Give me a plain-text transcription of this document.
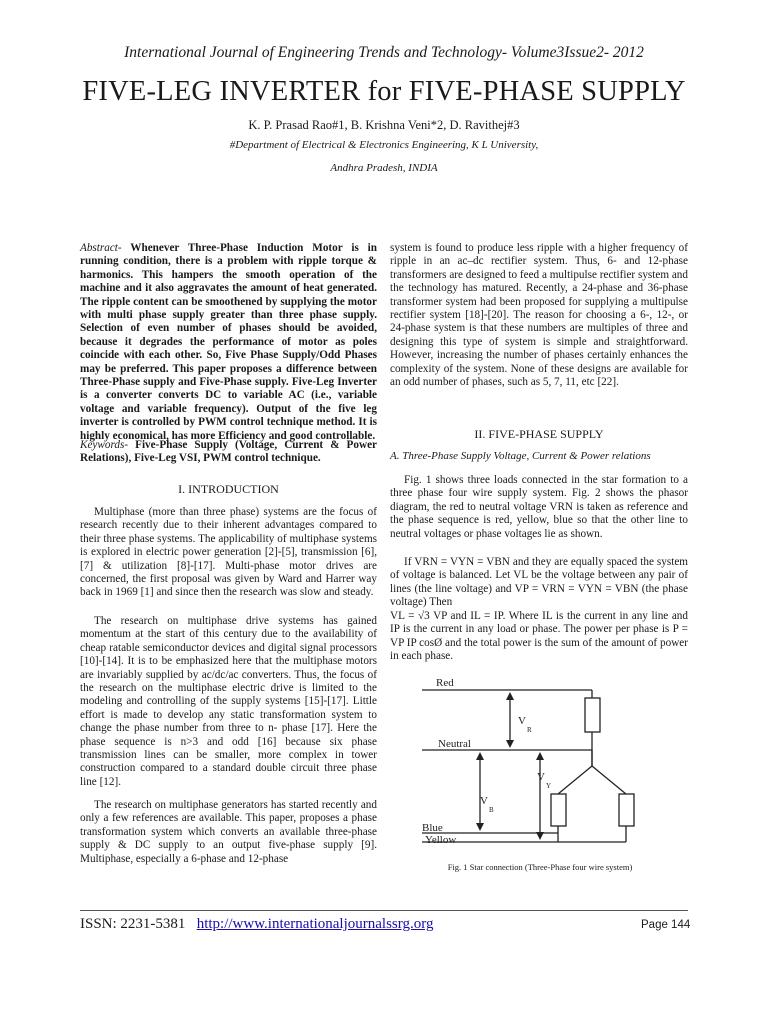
International Journal of Engineering Trends and Technology- Volume3Issue2- 2012
FIVE-LEG INVERTER for FIVE-PHASE SUPPLY
K. P. Prasad Rao#1, B. Krishna Veni*2, D. Ravithej#3
#Department of Electrical & Electronics Engineering, K L University,
Andhra Pradesh, INDIA
Abstract- Whenever Three-Phase Induction Motor is in running condition, there is a problem with ripple torque & harmonics. This hampers the smooth operation of the machine and it also aggravates the amount of heat generated. The ripple content can be smoothened by supplying the motor with multi phase supply greater than three phase supply. Selection of even number of phases should be avoided, because it degrades the performance of motor as poles coincide with each other. So, Five Phase Supply/Odd Phases may be preferred. This paper proposes a difference between Three-Phase supply and Five-Phase supply. Five-Leg Inverter is a converter converts DC to variable AC (i.e., variable voltage and variable frequency). Output of the five leg inverter is controlled by PWM control technique method. It is highly economical, has more Efficiency and good controllable.
Keywords- Five-Phase Supply (Voltage, Current & Power Relations), Five-Leg VSI, PWM control technique.
I. INTRODUCTION
Multiphase (more than three phase) systems are the focus of research recently due to their inherent advantages compared to their three phase systems. The applicability of multiphase systems is explored in electric power generation [2]-[5], transmission [6],[7] & utilization [8]-[17]. Multi-phase motor drives are concerned, the first proposal was given by Ward and Harrer way back in 1969 [1] and since then the research was slow and steady.
The research on multiphase drive systems has gained momentum at the start of this century due to the availability of cheap ratable semiconductor devices and digital signal processors [10]-[14]. It is to be emphasized here that the multiphase motors are invariably supplied by ac/dc/ac converters. Thus, the focus of the research on the multiphase electric drive is limited to the modeling and controlling of the supply systems [15]-[17]. Little effort is made to develop any static transformation system to change the phase number from three to n- phase [17]. Here the phase sequence is n>3 and odd [16] because six phase transmission lines can be smaller, more complex in tower construction compared to a standard double circuit three phase line [12].
The research on multiphase generators has started recently and only a few references are available. This paper, proposes a phase transformation system which converts an available three-phase supply & DC supply to an output five-phase supply [9]. Multiphase, especially a 6-phase and 12-phase
system is found to produce less ripple with a higher frequency of ripple in an ac–dc rectifier system. Thus, 6- and 12-phase transformers are designed to feed a multipulse rectifier system and the technology has matured. Recently, a 24-phase and 36-phase transformer system had been proposed for supplying a multipulse rectifier system [18]-[20]. The reason for choosing a 6-, 12-, or 24-phase system is that these numbers are multiples of three and designing this type of system is simple and straightforward. However, increasing the number of phases certainly enhances the complexity of the system. None of these designs are available for an odd number of phases, such as 5, 7, 11, etc [22].
II. FIVE-PHASE SUPPLY
A. Three-Phase Supply Voltage, Current & Power relations
Fig. 1 shows three loads connected in the star formation to a three phase four wire supply system. Fig. 2 shows the phasor diagram, the red to neutral voltage VRN is taken as reference and the phase sequence is red, yellow, blue so that the other line to neutral voltages or phase voltages lie as shown.
If VRN = VYN = VBN and they are equally spaced the system of voltage is balanced. Let VL be the voltage between any pair of lines (the line voltage) and VP = VRN = VYN = VBN (the phase voltage) Then
VL = √3 VP and IL = IP. Where IL is the current in any line and IP is the current in any load or phase. The power per phase is P = VP IP cosØ and the total power is the sum of the amount of power in each phase.
Red
Neutral
Blue
Yellow
V
R
V
Y
V
B
Fig. 1 Star connection (Three-Phase four wire system)
ISSN: 2231-5381 http://www.internationaljournalssrg.org	Page 144
